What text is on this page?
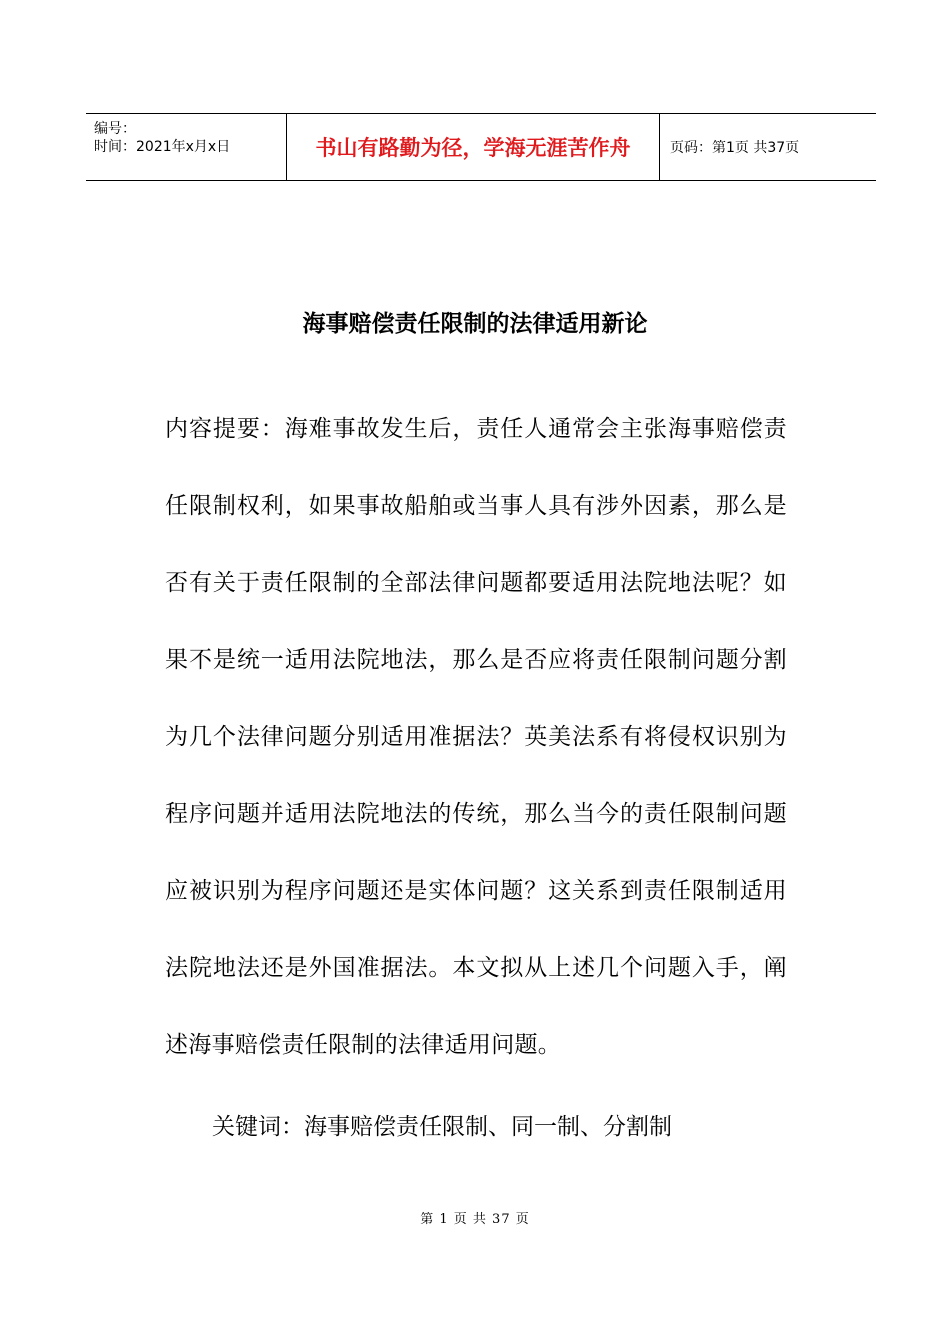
编号：
时间：2021年x月x日	书山有路勤为径，学海无涯苦作舟	页码：第1页 共37页
海事赔偿责任限制的法律适用新论

内容提要：海难事故发生后，责任人通常会主张海事赔偿责任限制权利，如果事故船舶或当事人具有涉外因素，那么是否有关于责任限制的全部法律问题都要适用法院地法呢？如果不是统一适用法院地法，那么是否应将责任限制问题分割为几个法律问题分别适用准据法？英美法系有将侵权识别为程序问题并适用法院地法的传统，那么当今的责任限制问题应被识别为程序问题还是实体问题？这关系到责任限制适用法院地法还是外国准据法。本文拟从上述几个问题入手，阐述海事赔偿责任限制的法律适用问题。

关键词：海事赔偿责任限制、同一制、分割制

第 1 页 共 37 页
